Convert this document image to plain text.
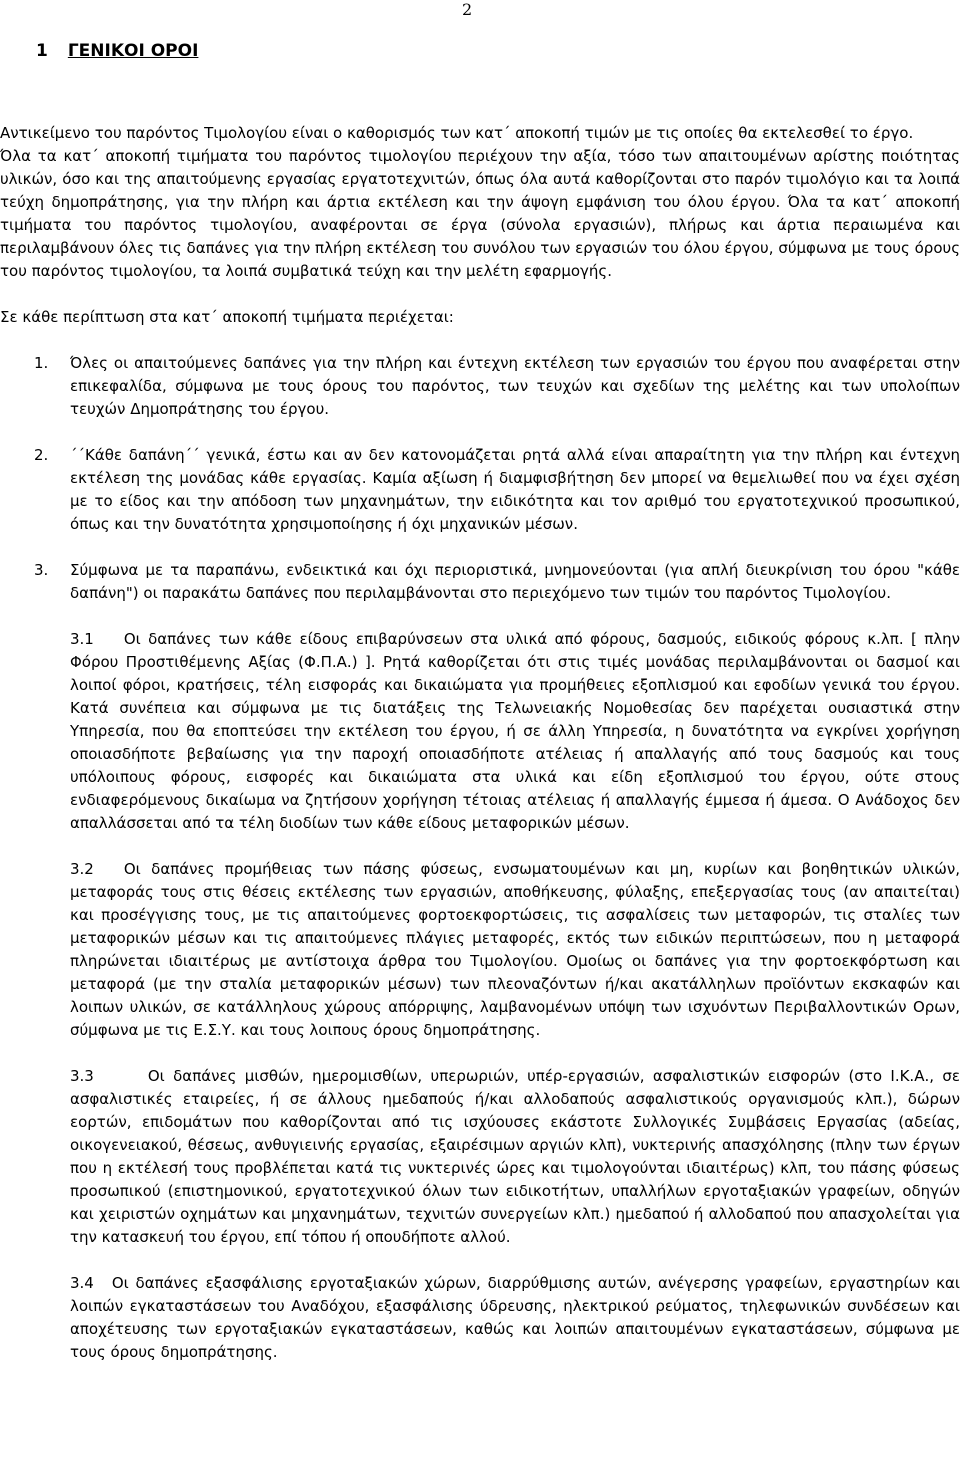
2
1 ΓΕΝΙΚΟΙ ΟΡΟΙ

Αντικείμενο του παρόντος Τιμολογίου είναι ο καθορισμός των κατ΄ αποκοπή τιμών με τις οποίες θα εκτελεσθεί το έργο.

Όλα τα κατ΄ αποκοπή τιμήματα του παρόντος τιμολογίου περιέχουν την αξία, τόσο των απαιτουμένων αρίστης ποιότητας υλικών, όσο και της απαιτούμενης εργασίας εργατοτεχνιτών, όπως όλα αυτά καθορίζονται στο παρόν τιμολόγιο και τα λοιπά τεύχη δημοπράτησης, για την πλήρη και άρτια εκτέλεση και την άψογη εμφάνιση του όλου έργου. Όλα τα κατ΄ αποκοπή τιμήματα του παρόντος τιμολογίου, αναφέρονται σε έργα (σύνολα εργασιών), πλήρως και άρτια περαιωμένα και περιλαμβάνουν όλες τις δαπάνες για την πλήρη εκτέλεση του συνόλου των εργασιών του όλου έργου, σύμφωνα με τους όρους του παρόντος τιμολογίου, τα λοιπά συμβατικά τεύχη και την μελέτη εφαρμογής.

Σε κάθε περίπτωση στα κατ΄ αποκοπή τιμήματα περιέχεται:

1.	Όλες οι απαιτούμενες δαπάνες για την πλήρη και έντεχνη εκτέλεση των εργασιών του έργου που αναφέρεται στην επικεφαλίδα, σύμφωνα με τους όρους του παρόντος, των τευχών και σχεδίων της μελέτης και των υπολοίπων τευχών Δημοπράτησης του έργου.
2.	΄΄Κάθε δαπάνη΄΄ γενικά, έστω και αν δεν κατονομάζεται ρητά αλλά είναι απαραίτητη για την πλήρη και έντεχνη εκτέλεση της μονάδας κάθε εργασίας. Καμία αξίωση ή διαμφισβήτηση δεν μπορεί να θεμελιωθεί που να έχει σχέση με το είδος και την απόδοση των μηχανημάτων, την ειδικότητα και τον αριθμό του εργατοτεχνικού προσωπικού, όπως και την δυνατότητα χρησιμοποίησης ή όχι μηχανικών μέσων.
3.	Σύμφωνα με τα παραπάνω, ενδεικτικά και όχι περιοριστικά, μνημονεύονται (για απλή διευκρίνιση του όρου "κάθε δαπάνη") οι παρακάτω δαπάνες που περιλαμβάνονται στο περιεχόμενο των τιμών του παρόντος Τιμολογίου.

3.1 Οι δαπάνες των κάθε είδους επιβαρύνσεων στα υλικά από φόρους, δασμούς, ειδικούς φόρους κ.λπ. [ πλην Φόρου Προστιθέμενης Αξίας (Φ.Π.Α.) ]. Ρητά καθορίζεται ότι στις τιμές μονάδας περιλαμβάνονται οι δασμοί και λοιποί φόροι, κρατήσεις, τέλη εισφοράς και δικαιώματα για προμήθειες εξοπλισμού και εφοδίων γενικά του έργου. Κατά συνέπεια και σύμφωνα με τις διατάξεις της Τελωνειακής Νομοθεσίας δεν παρέχεται ουσιαστικά στην Υπηρεσία, που θα εποπτεύσει την εκτέλεση του έργου, ή σε άλλη Υπηρεσία, η δυνατότητα να εγκρίνει χορήγηση οποιασδήποτε βεβαίωσης για την παροχή οποιασδήποτε ατέλειας ή απαλλαγής από τους δασμούς και τους υπόλοιπους φόρους, εισφορές και δικαιώματα στα υλικά και είδη εξοπλισμού του έργου, ούτε στους ενδιαφερόμενους δικαίωμα να ζητήσουν χορήγηση τέτοιας ατέλειας ή απαλλαγής έμμεσα ή άμεσα. Ο Ανάδοχος δεν απαλλάσσεται από τα τέλη διοδίων των κάθε είδους μεταφορικών μέσων.

3.2 Οι δαπάνες προμήθειας των πάσης φύσεως, ενσωματουμένων και μη, κυρίων και βοηθητικών υλικών, μεταφοράς τους στις θέσεις εκτέλεσης των εργασιών, αποθήκευσης, φύλαξης, επεξεργασίας τους (αν απαιτείται) και προσέγγισης τους, με τις απαιτούμενες φορτοεκφορτώσεις, τις ασφαλίσεις των μεταφορών, τις σταλίες των μεταφορικών μέσων και τις απαιτούμενες πλάγιες μεταφορές, εκτός των ειδικών περιπτώσεων, που η μεταφορά πληρώνεται ιδιαιτέρως με αντίστοιχα άρθρα του Τιμολογίου. Ομοίως οι δαπάνες για την φορτοεκφόρτωση και μεταφορά (με την σταλία μεταφορικών μέσων) των πλεοναζόντων ή/και ακατάλληλων προϊόντων εκσκαφών και λοιπων υλικών, σε κατάλληλους χώρους απόρριψης, λαμβανομένων υπόψη των ισχυόντων Περιβαλλοντικών Ορων, σύμφωνα με τις Ε.Σ.Υ. και τους λοιπους όρους δημοπράτησης.

3.3	Οι δαπάνες μισθών, ημερομισθίων, υπερωριών, υπέρ-εργασιών, ασφαλιστικών εισφορών (στο Ι.Κ.Α., σε ασφαλιστικές εταιρείες, ή σε άλλους ημεδαπούς ή/και αλλοδαπούς ασφαλιστικούς οργανισμούς κλπ.), δώρων εορτών, επιδομάτων που καθορίζονται από τις ισχύουσες εκάστοτε Συλλογικές Συμβάσεις Εργασίας (αδείας, οικογενειακού, θέσεως, ανθυγιεινής εργασίας, εξαιρέσιμων αργιών κλπ), νυκτερινής απασχόλησης (πλην των έργων που η εκτέλεσή τους προβλέπεται κατά τις νυκτερινές ώρες και τιμολογούνται ιδιαιτέρως) κλπ, του πάσης φύσεως προσωπικού (επιστημονικού, εργατοτεχνικού όλων των ειδικοτήτων, υπαλλήλων εργοταξιακών γραφείων, οδηγών και χειριστών οχημάτων και μηχανημάτων, τεχνιτών συνεργείων κλπ.) ημεδαπού ή αλλοδαπού που απασχολείται για την κατασκευή του έργου, επί τόπου ή οπουδήποτε αλλού.

3.4 Οι δαπάνες εξασφάλισης εργοταξιακών χώρων, διαρρύθμισης αυτών, ανέγερσης γραφείων, εργαστηρίων και λοιπών εγκαταστάσεων του Αναδόχου, εξασφάλισης ύδρευσης, ηλεκτρικού ρεύματος, τηλεφωνικών συνδέσεων και αποχέτευσης των εργοταξιακών εγκαταστάσεων, καθώς και λοιπών απαιτουμένων εγκαταστάσεων, σύμφωνα με τους όρους δημοπράτησης.
